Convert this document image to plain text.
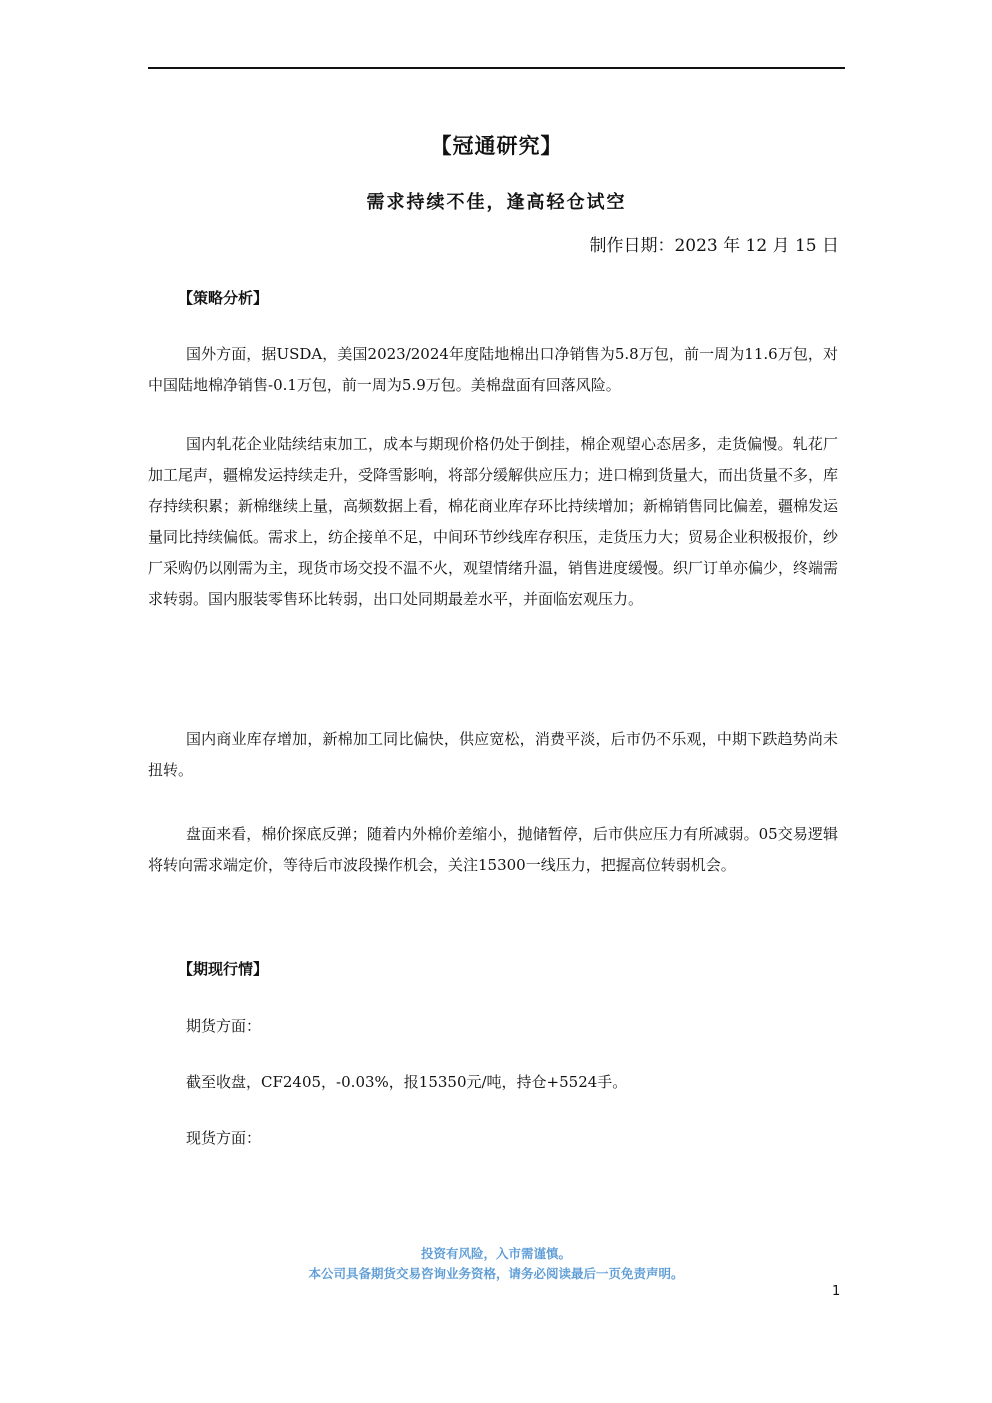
【冠通研究】
需求持续不佳，逢高轻仓试空
制作日期：2023 年 12 月 15 日
【策略分析】
国外方面，据USDA，美国2023/2024年度陆地棉出口净销售为5.8万包，前一周为11.6万包，对中国陆地棉净销售-0.1万包，前一周为5.9万包。美棉盘面有回落风险。
国内轧花企业陆续结束加工，成本与期现价格仍处于倒挂，棉企观望心态居多，走货偏慢。轧花厂加工尾声，疆棉发运持续走升，受降雪影响，将部分缓解供应压力；进口棉到货量大，而出货量不多，库存持续积累；新棉继续上量，高频数据上看，棉花商业库存环比持续增加；新棉销售同比偏差，疆棉发运量同比持续偏低。需求上，纺企接单不足，中间环节纱线库存积压，走货压力大；贸易企业积极报价，纱厂采购仍以刚需为主，现货市场交投不温不火，观望情绪升温，销售进度缓慢。织厂订单亦偏少，终端需求转弱。国内服装零售环比转弱，出口处同期最差水平，并面临宏观压力。
国内商业库存增加，新棉加工同比偏快，供应宽松，消费平淡，后市仍不乐观，中期下跌趋势尚未扭转。
盘面来看，棉价探底反弹；随着内外棉价差缩小，抛储暂停，后市供应压力有所减弱。05交易逻辑将转向需求端定价，等待后市波段操作机会，关注15300一线压力，把握高位转弱机会。
【期现行情】
期货方面：
截至收盘，CF2405，-0.03%，报15350元/吨，持仓+5524手。
现货方面：
投资有风险，入市需谨慎。
本公司具备期货交易咨询业务资格，请务必阅读最后一页免责声明。
1
